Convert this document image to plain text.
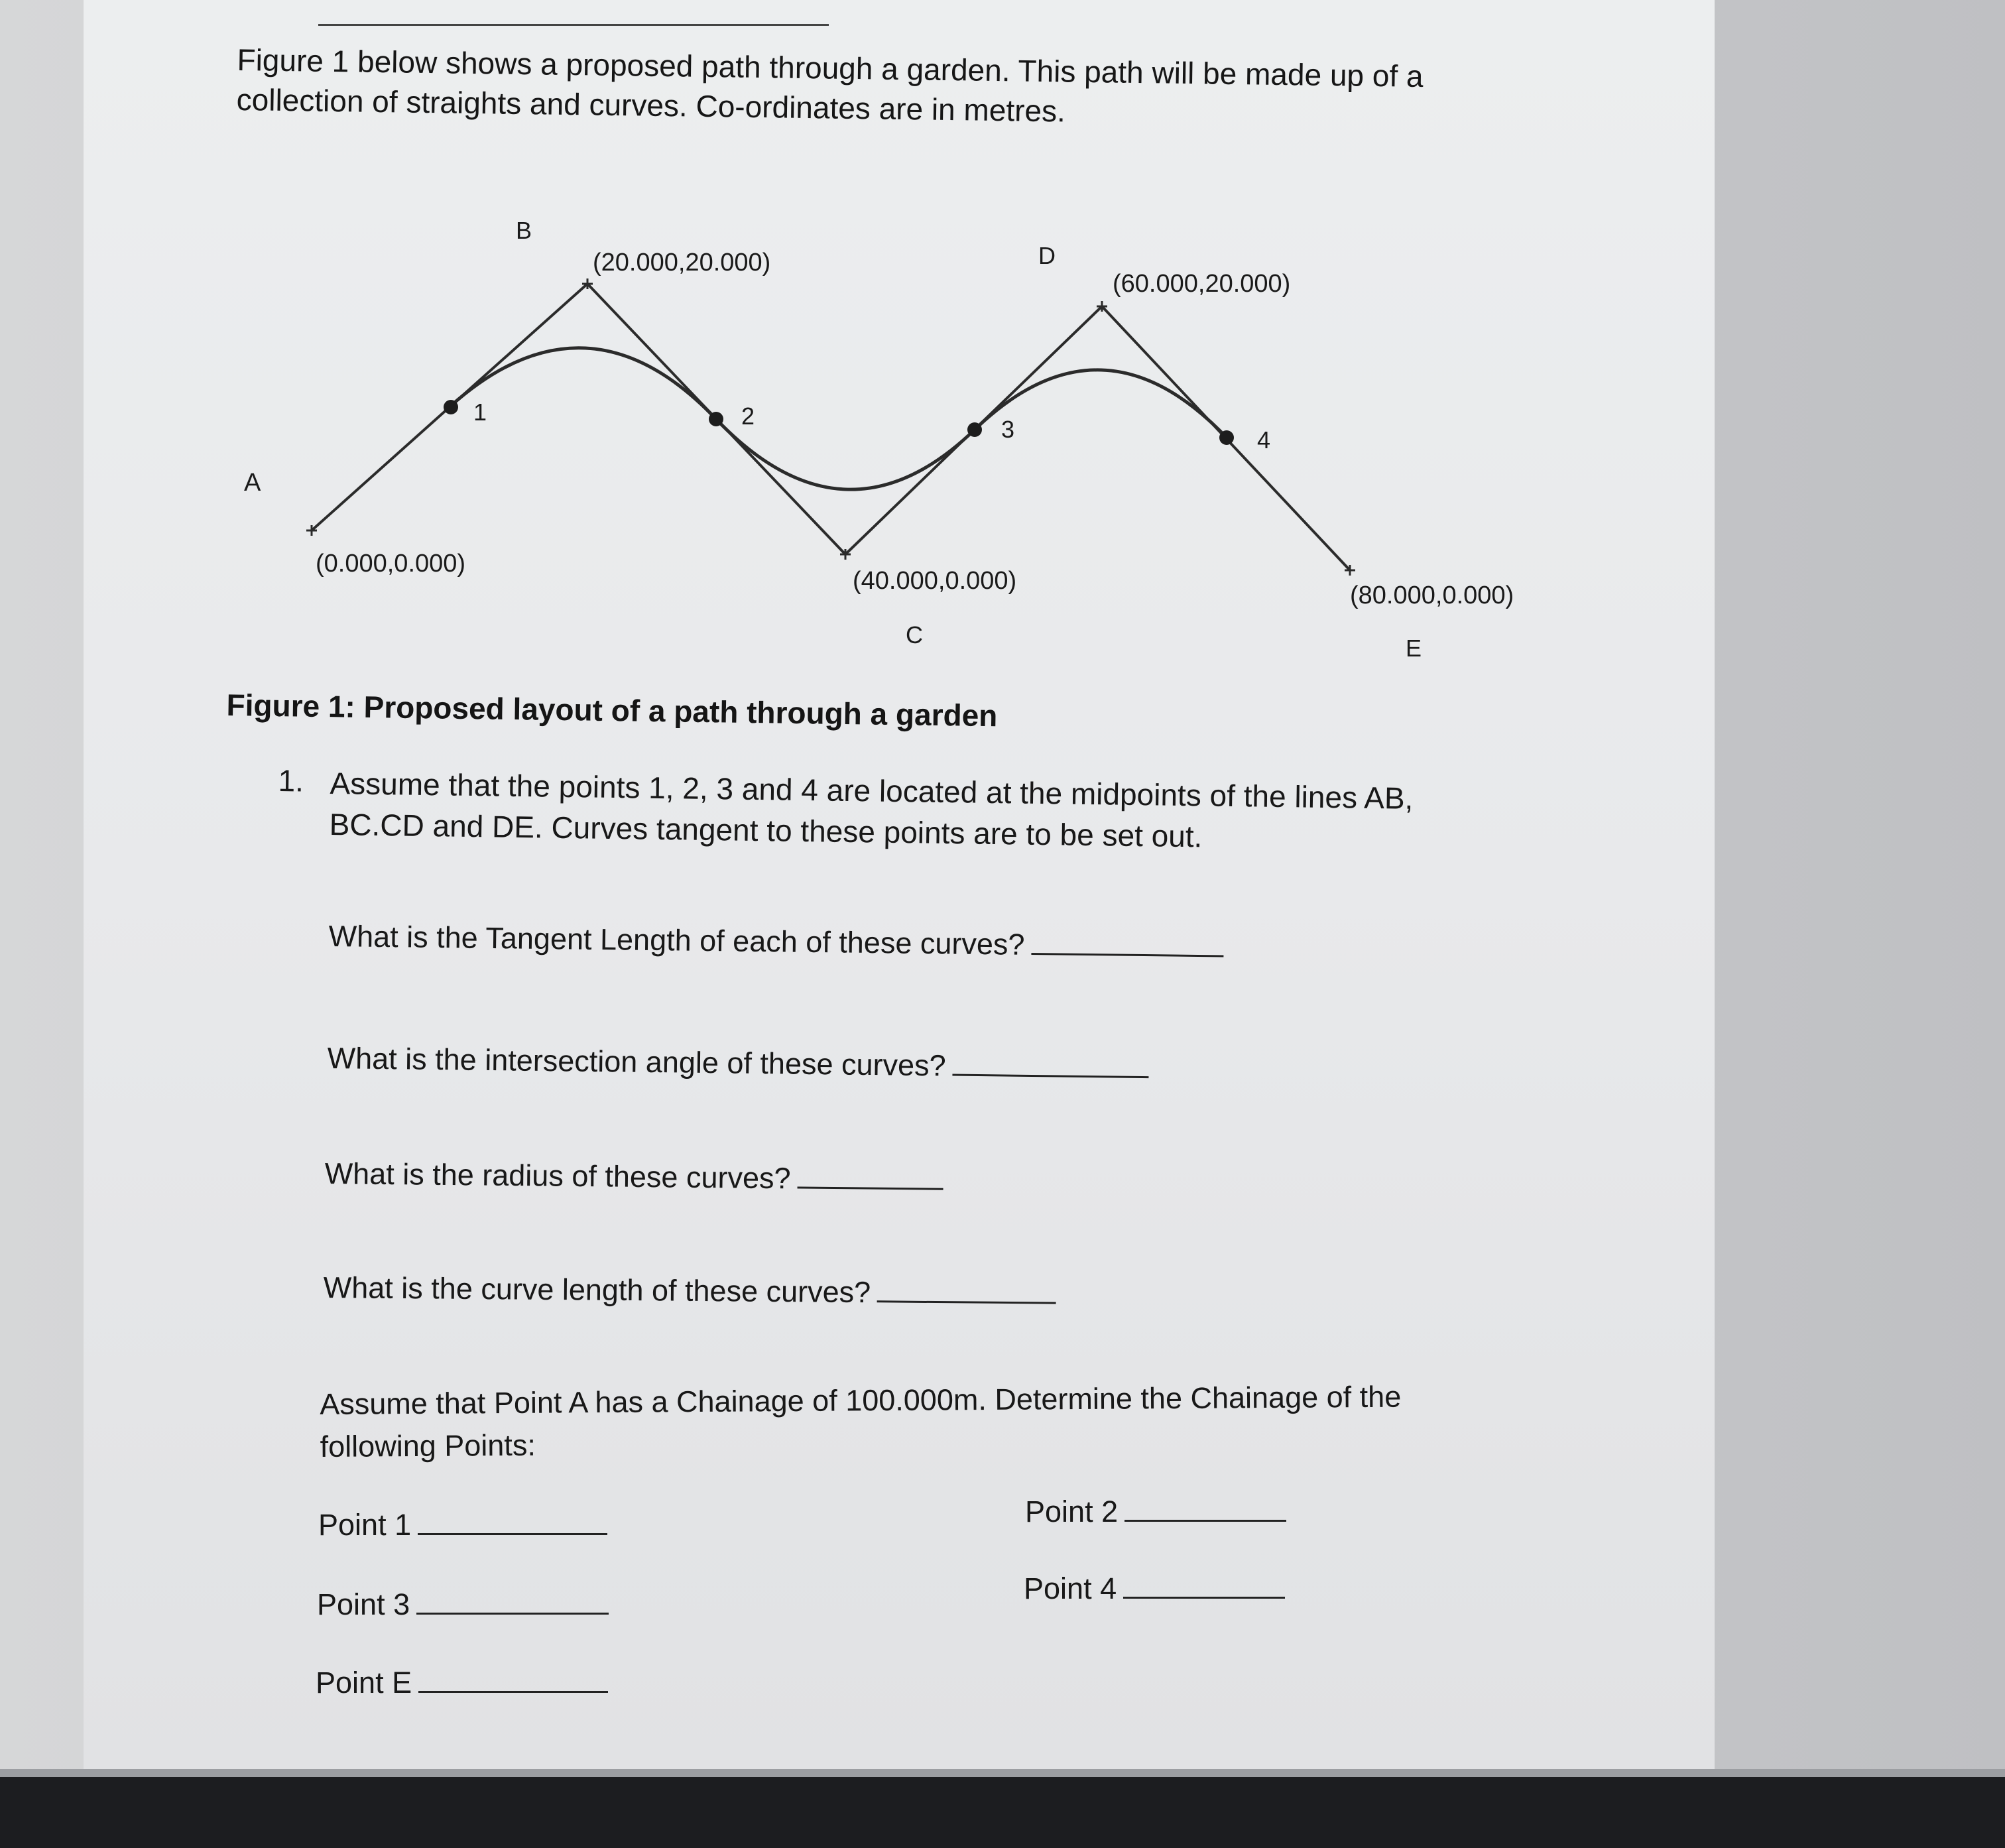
Figure 1 below shows a proposed path through a garden. This path will be made up of a
collection of straights and curves. Co-ordinates are in metres.
A
B
C
D
E
(0.000,0.000)
(20.000,20.000)
(40.000,0.000)
(60.000,20.000)
(80.000,0.000)
1	2	3	4
Figure 1: Proposed layout of a path through a garden
1. Assume that the points 1, 2, 3 and 4 are located at the midpoints of the lines AB,
BC.CD and DE. Curves tangent to these points are to be set out.
What is the Tangent Length of each of these curves?
What is the intersection angle of these curves?
What is the radius of these curves?
What is the curve length of these curves?
Assume that Point A has a Chainage of 100.000m. Determine the Chainage of the
following Points:
Point 1	Point 2
Point 3	Point 4
Point E
